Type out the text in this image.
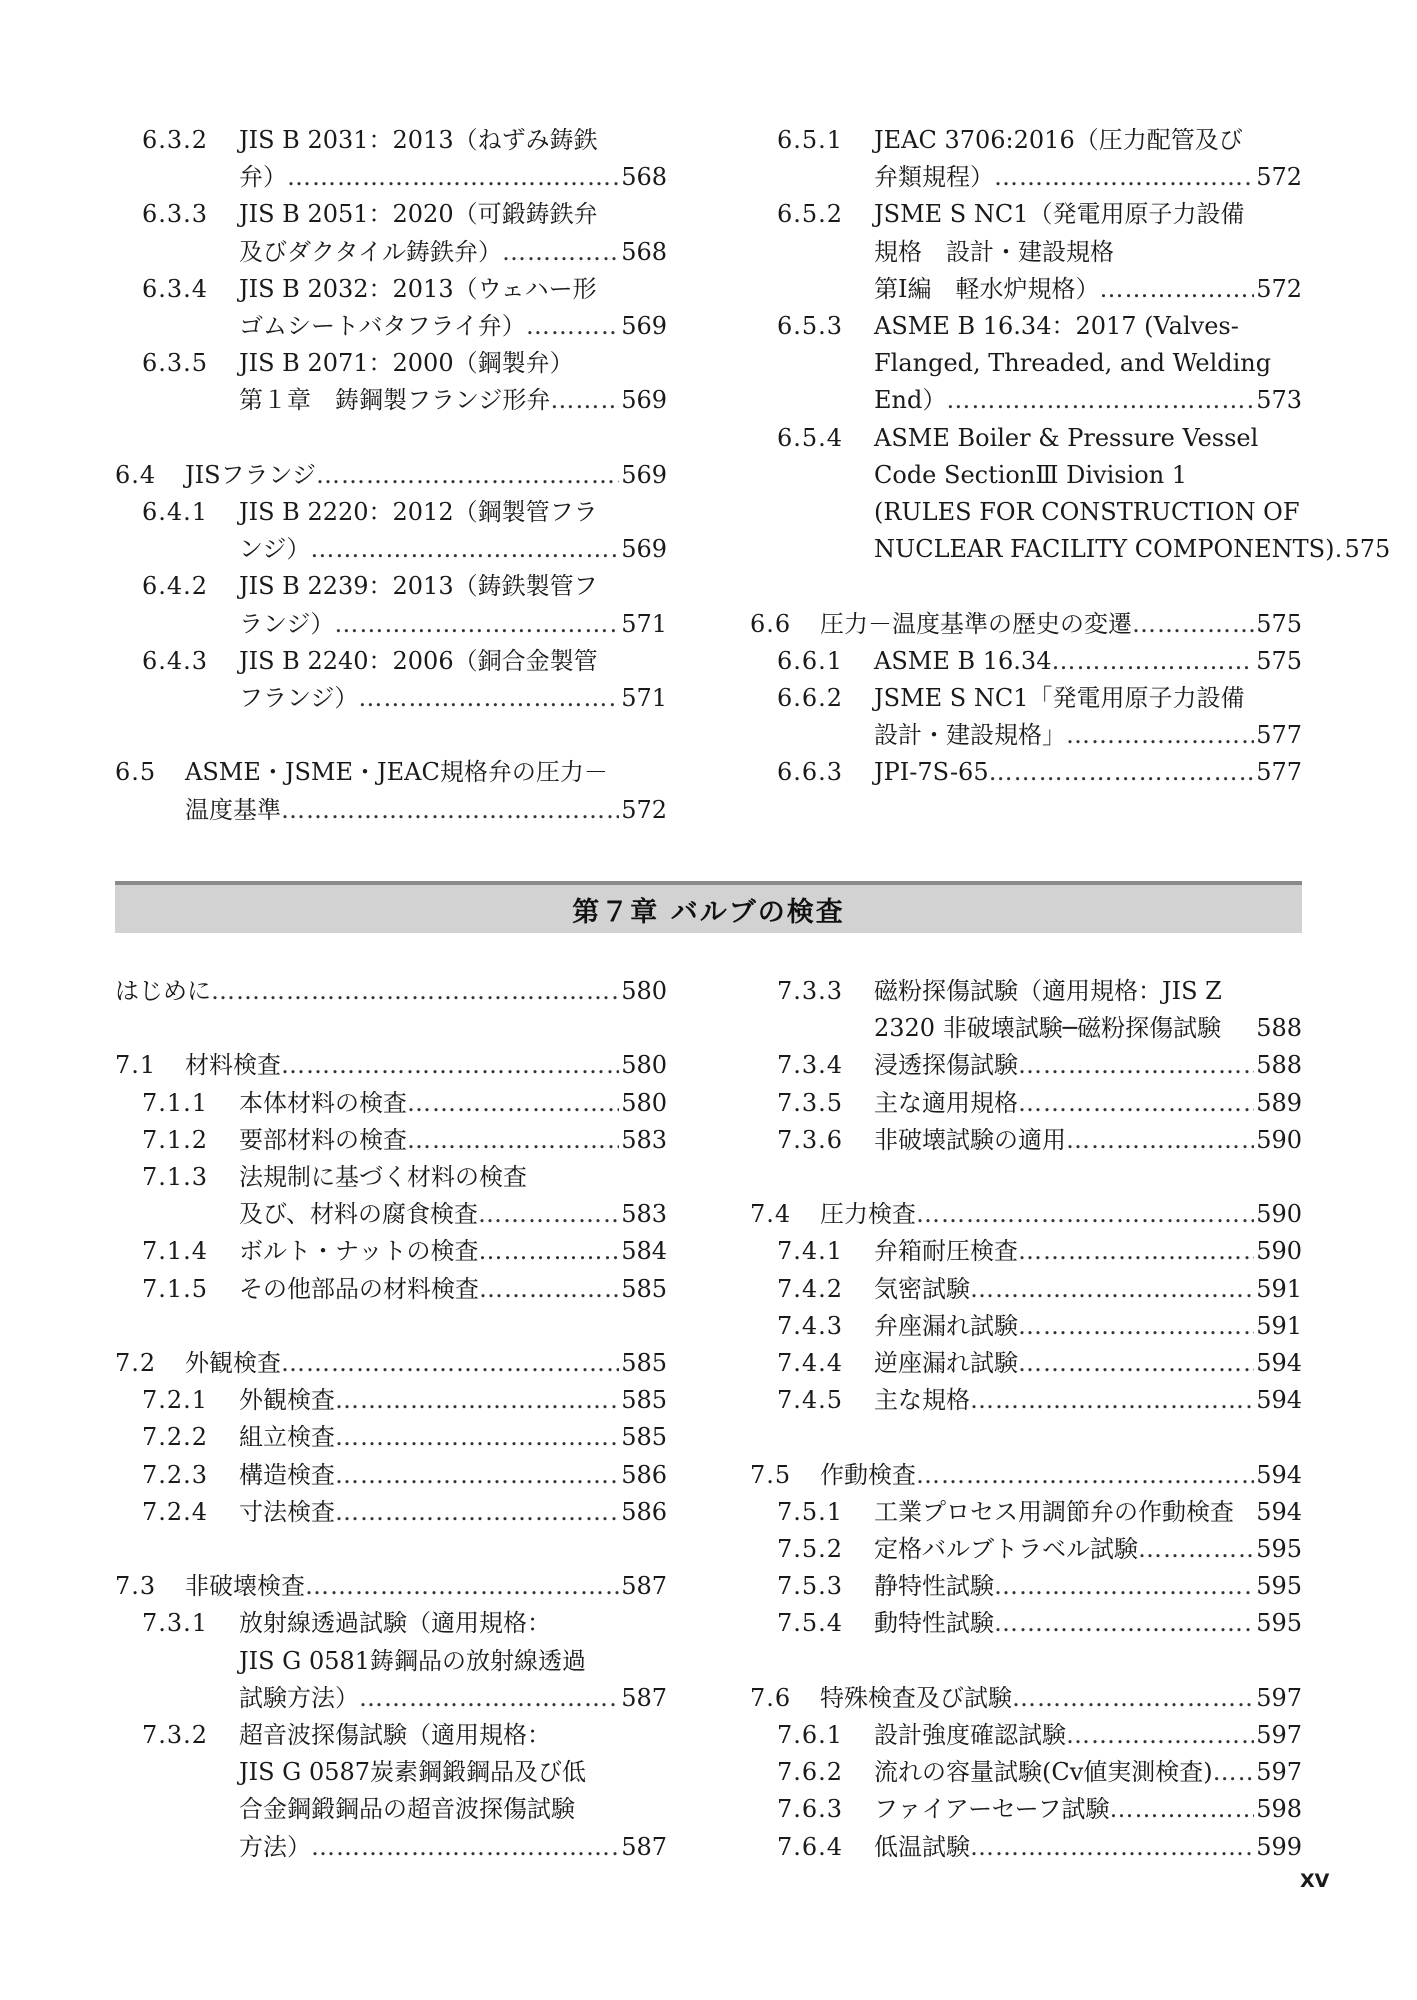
6.3.2	JIS B 2031：2013（ねずみ鋳鉄
弁） ……………………………………………………………………………………………………………………………………	568
6.3.3	JIS B 2051：2020（可鍛鋳鉄弁
及びダクタイル鋳鉄弁） ……………………………………………………………………………………………………………………………………	568
6.3.4	JIS B 2032：2013（ウェハー形
ゴムシートバタフライ弁） ……………………………………………………………………………………………………………………………………	569
6.3.5	JIS B 2071：2000（鋼製弁）
第１章　鋳鋼製フランジ形弁 ……………………………………………………………………………………………………………………………………	569
6.4	JISフランジ ……………………………………………………………………………………………………………………………………	569
6.4.1	JIS B 2220：2012（鋼製管フラ
ンジ） ……………………………………………………………………………………………………………………………………	569
6.4.2	JIS B 2239：2013（鋳鉄製管フ
ランジ） ……………………………………………………………………………………………………………………………………	571
6.4.3	JIS B 2240：2006（銅合金製管
フランジ） ……………………………………………………………………………………………………………………………………	571
6.5	ASME・JSME・JEAC規格弁の圧力－
温度基準 ……………………………………………………………………………………………………………………………………	572
6.5.1	JEAC 3706:2016（圧力配管及び
弁類規程） ……………………………………………………………………………………………………………………………………	572
6.5.2	JSME S NC1（発電用原子力設備
規格　設計・建設規格
第Ⅰ編　軽水炉規格） ……………………………………………………………………………………………………………………………………	572
6.5.3	ASME B 16.34：2017 (Valves-
Flanged, Threaded, and Welding
End） ……………………………………………………………………………………………………………………………………	573
6.5.4	ASME Boiler & Pressure Vessel
Code SectionⅢ Division 1
(RULES FOR CONSTRUCTION OF
NUCLEAR FACILITY COMPONENTS) …………………………………………………………………………………………………………………………………… 575
6.6	圧力－温度基準の歴史の変遷 ……………………………………………………………………………………………………………………………………	575
6.6.1	ASME B 16.34 ……………………………………………………………………………………………………………………………………	575
6.6.2	JSME S NC1「発電用原子力設備
設計・建設規格」 ……………………………………………………………………………………………………………………………………	577
6.6.3	JPI-7S-65 ……………………………………………………………………………………………………………………………………	577
第７章 バルブの検査
はじめに ……………………………………………………………………………………………………………………………………	580
7.1	材料検査 ……………………………………………………………………………………………………………………………………	580
7.1.1	本体材料の検査 ……………………………………………………………………………………………………………………………………	580
7.1.2	要部材料の検査 ……………………………………………………………………………………………………………………………………	583
7.1.3	法規制に基づく材料の検査
及び、材料の腐食検査 ……………………………………………………………………………………………………………………………………	583
7.1.4	ボルト・ナットの検査 ……………………………………………………………………………………………………………………………………	584
7.1.5	その他部品の材料検査 ……………………………………………………………………………………………………………………………………	585
7.2	外観検査 ……………………………………………………………………………………………………………………………………	585
7.2.1	外観検査 ……………………………………………………………………………………………………………………………………	585
7.2.2	組立検査 ……………………………………………………………………………………………………………………………………	585
7.2.3	構造検査 ……………………………………………………………………………………………………………………………………	586
7.2.4	寸法検査 ……………………………………………………………………………………………………………………………………	586
7.3	非破壊検査 ……………………………………………………………………………………………………………………………………	587
7.3.1	放射線透過試験（適用規格：
JIS G 0581鋳鋼品の放射線透過
試験方法） ……………………………………………………………………………………………………………………………………	587
7.3.2	超音波探傷試験（適用規格：
JIS G 0587炭素鋼鍛鋼品及び低
合金鋼鍛鋼品の超音波探傷試験
方法） ……………………………………………………………………………………………………………………………………	587
7.3.3	磁粉探傷試験（適用規格：JIS Z
2320 非破壊試験─磁粉探傷試験 588
7.3.4	浸透探傷試験 ……………………………………………………………………………………………………………………………………	588
7.3.5	主な適用規格 ……………………………………………………………………………………………………………………………………	589
7.3.6	非破壊試験の適用 ……………………………………………………………………………………………………………………………………	590
7.4	圧力検査 ……………………………………………………………………………………………………………………………………	590
7.4.1	弁箱耐圧検査 ……………………………………………………………………………………………………………………………………	590
7.4.2	気密試験 ……………………………………………………………………………………………………………………………………	591
7.4.3	弁座漏れ試験 ……………………………………………………………………………………………………………………………………	591
7.4.4	逆座漏れ試験 ……………………………………………………………………………………………………………………………………	594
7.4.5	主な規格 ……………………………………………………………………………………………………………………………………	594
7.5	作動検査 ……………………………………………………………………………………………………………………………………	594
7.5.1	工業プロセス用調節弁の作動検査 594
7.5.2	定格バルブトラベル試験 ……………………………………………………………………………………………………………………………………	595
7.5.3	静特性試験 ……………………………………………………………………………………………………………………………………	595
7.5.4	動特性試験 ……………………………………………………………………………………………………………………………………	595
7.6	特殊検査及び試験 ……………………………………………………………………………………………………………………………………	597
7.6.1	設計強度確認試験 ……………………………………………………………………………………………………………………………………	597
7.6.2	流れの容量試験(Cv値実測検査) …………………………………………………………………………………………………………………………………… 597
7.6.3	ファイアーセーフ試験 ……………………………………………………………………………………………………………………………………	598
7.6.4	低温試験 ……………………………………………………………………………………………………………………………………	599
XV
